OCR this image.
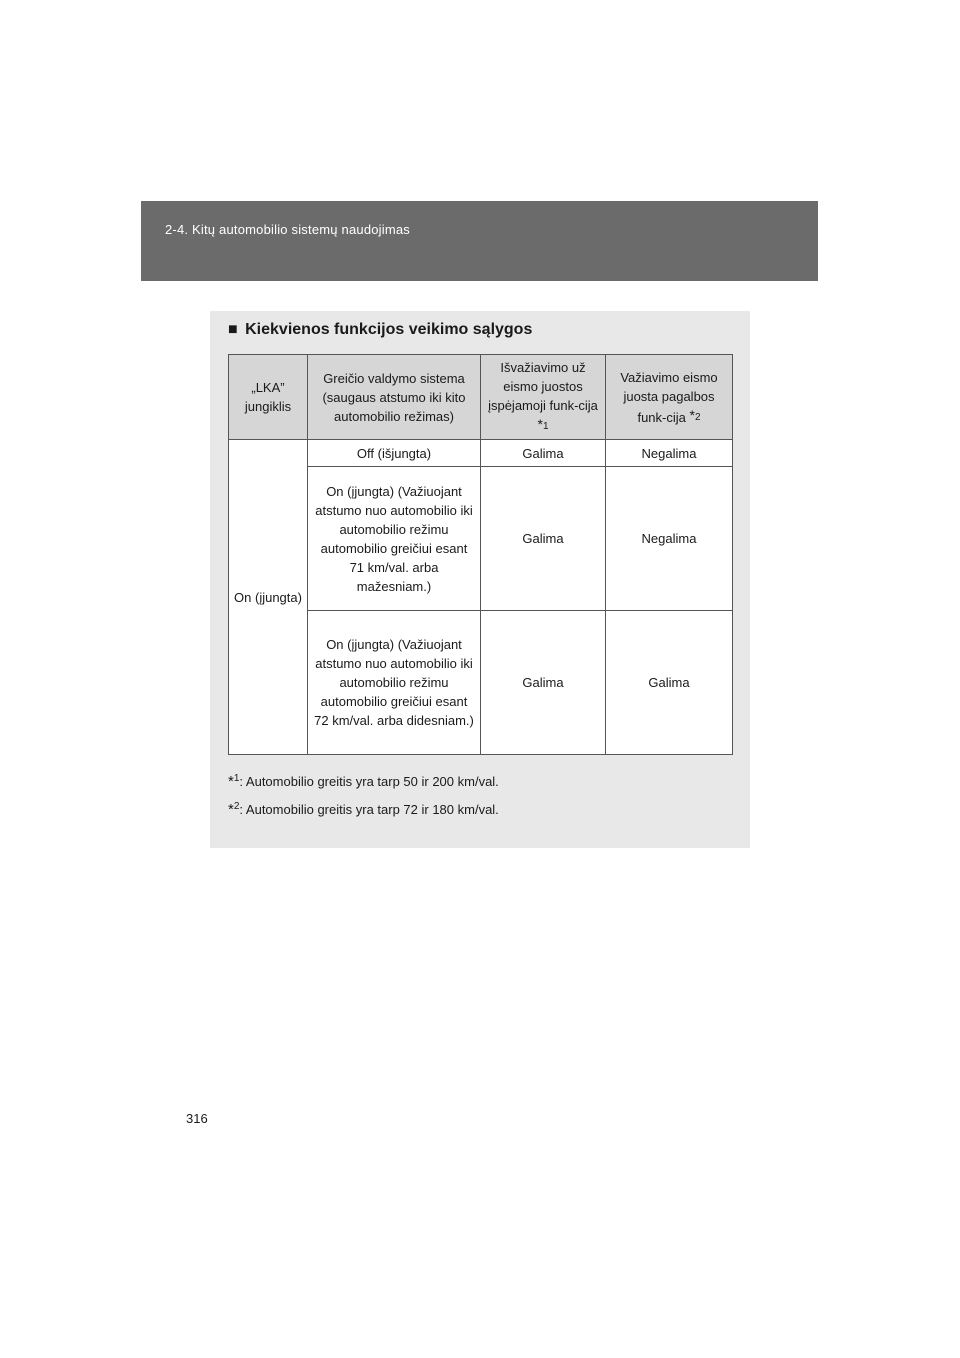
2-4. Kitų automobilio sistemų naudojimas
■ Kiekvienos funkcijos veikimo sąlygos
„LKA” jungiklis	Greičio valdymo sistema (saugaus atstumo iki kito automobilio režimas)	Išvažiavimo už eismo juostos įspėjamoji funk-cija $^{*1}$	Važiavimo eismo juosta pagalbos funk-cija $^{*2}$
On (įjungta)	Off (išjungta)	Galima	Negalima
	On (įjungta) (Važiuojant atstumo nuo automobilio iki automobilio režimu automobilio greičiui esant 71 km/val. arba mažesniam.)	Galima	Negalima
	On (įjungta) (Važiuojant atstumo nuo automobilio iki automobilio režimu automobilio greičiui esant 72 km/val. arba didesniam.)	Galima	Galima
*$^1$: Automobilio greitis yra tarp 50 ir 200 km/val.
*$^2$: Automobilio greitis yra tarp 72 ir 180 km/val.
316
